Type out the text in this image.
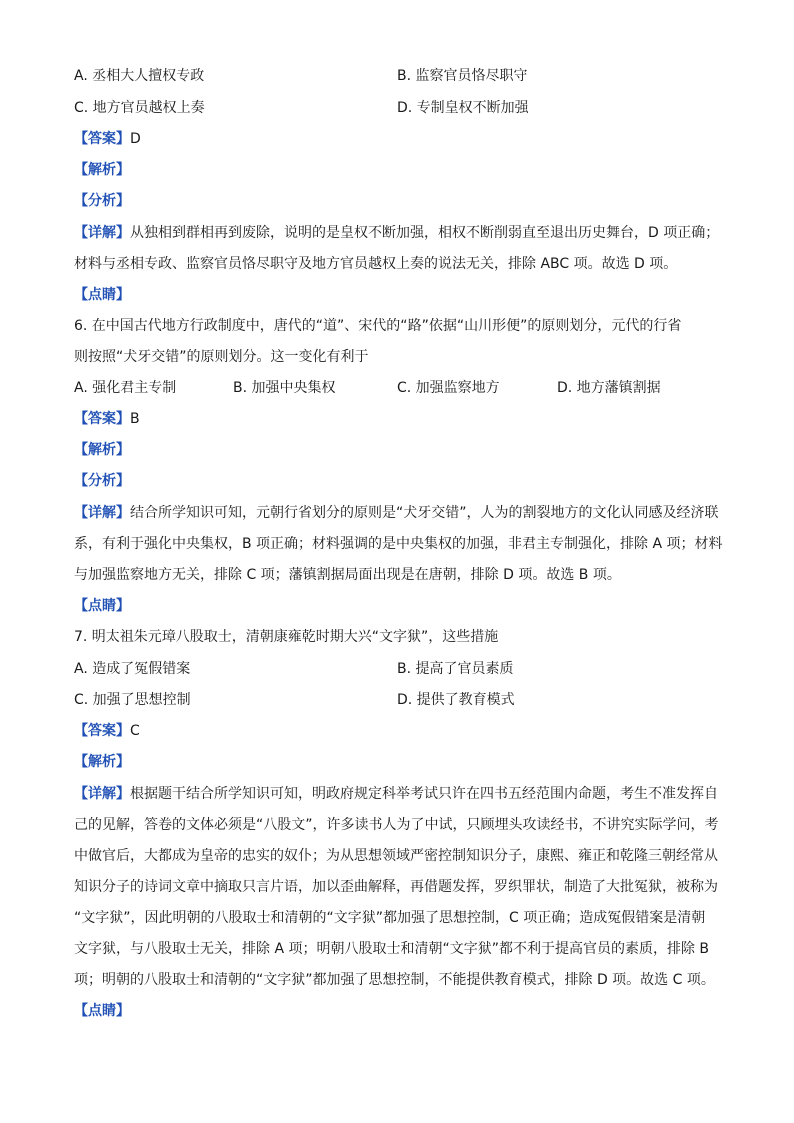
A. 丞相大人擅权专政	B. 监察官员恪尽职守
C. 地方官员越权上奏	D. 专制皇权不断加强
【答案】D
【解析】
【分析】
【详解】从独相到群相再到废除，说明的是皇权不断加强，相权不断削弱直至退出历史舞台，D 项正确；
材料与丞相专政、监察官员恪尽职守及地方官员越权上奏的说法无关，排除 ABC 项。故选 D 项。
【点睛】
6. 在中国古代地方行政制度中，唐代的“道”、宋代的“路”依据“山川形便”的原则划分，元代的行省
则按照“犬牙交错”的原则划分。这一变化有利于
A. 强化君主专制	B. 加强中央集权	C. 加强监察地方	D. 地方藩镇割据
【答案】B
【解析】
【分析】
【详解】结合所学知识可知，元朝行省划分的原则是“犬牙交错”，人为的割裂地方的文化认同感及经济联
系，有利于强化中央集权，B 项正确；材料强调的是中央集权的加强，非君主专制强化，排除 A 项；材料
与加强监察地方无关，排除 C 项；藩镇割据局面出现是在唐朝，排除 D 项。故选 B 项。
【点睛】
7. 明太祖朱元璋八股取士，清朝康雍乾时期大兴“文字狱”，这些措施
A. 造成了冤假错案	B. 提高了官员素质
C. 加强了思想控制	D. 提供了教育模式
【答案】C
【解析】
【详解】根据题干结合所学知识可知，明政府规定科举考试只许在四书五经范围内命题，考生不准发挥自
己的见解，答卷的文体必须是“八股文”，许多读书人为了中试，只顾埋头攻读经书，不讲究实际学问，考
中做官后，大都成为皇帝的忠实的奴仆；为从思想领域严密控制知识分子，康熙、雍正和乾隆三朝经常从
知识分子的诗词文章中摘取只言片语，加以歪曲解释，再借题发挥，罗织罪状，制造了大批冤狱，被称为
“文字狱”，因此明朝的八股取士和清朝的“文字狱”都加强了思想控制，C 项正确；造成冤假错案是清朝
文字狱，与八股取士无关，排除 A 项；明朝八股取士和清朝“文字狱”都不利于提高官员的素质，排除 B
项；明朝的八股取士和清朝的“文字狱”都加强了思想控制，不能提供教育模式，排除 D 项。故选 C 项。
【点睛】
